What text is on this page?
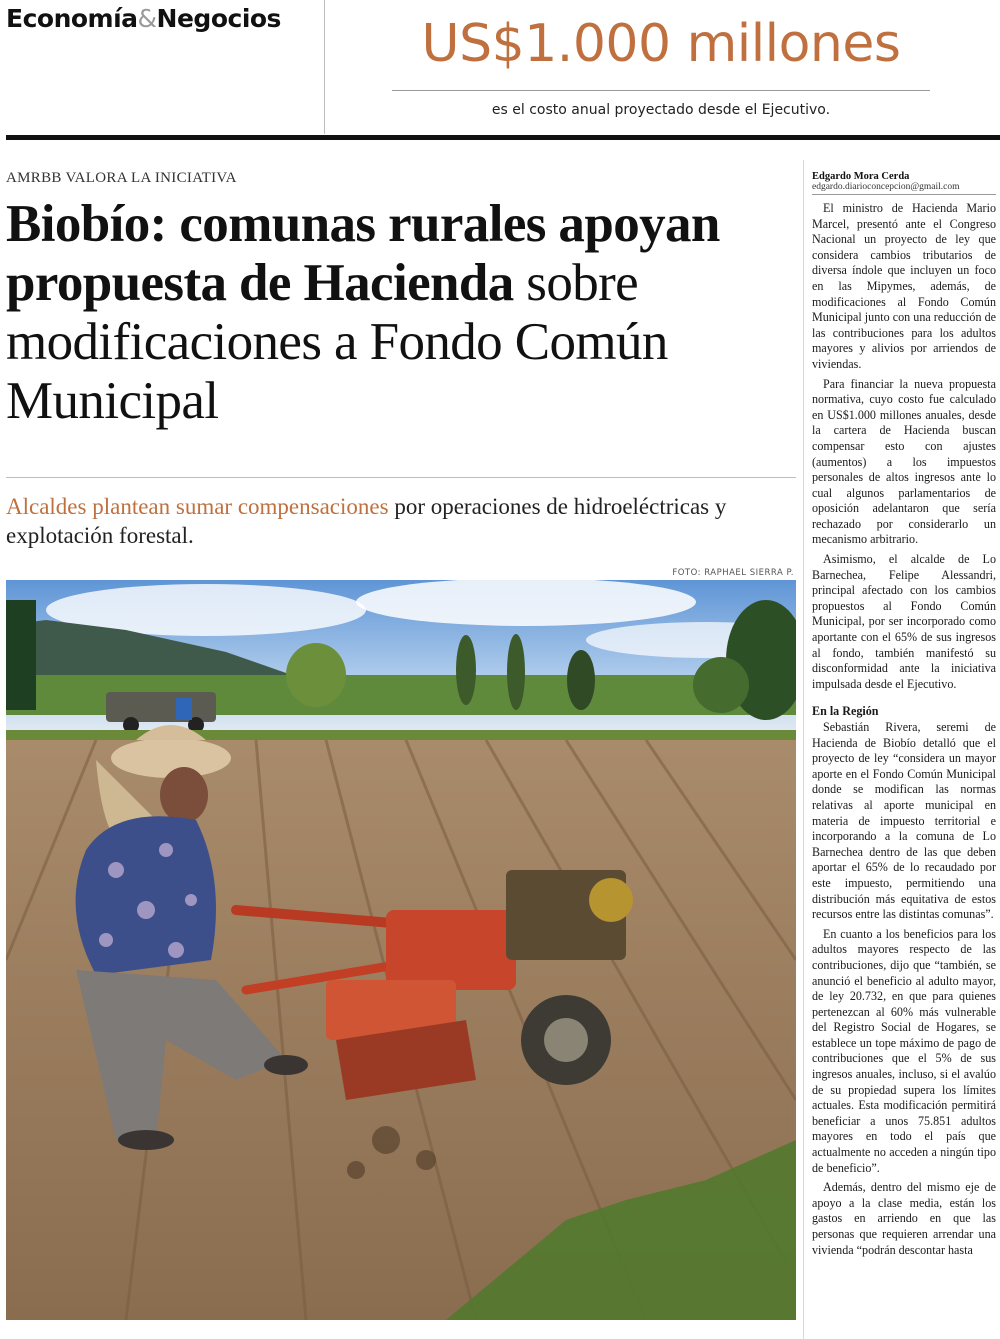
Economía&Negocios	US$1.000 millones
es el costo anual proyectado desde el Ejecutivo.
AMRBB VALORA LA INICIATIVA
Biobío: comunas rurales apoyan propuesta de Hacienda sobre modificaciones a Fondo Común Municipal
Alcaldes plantean sumar compensaciones por operaciones de hidroeléctricas y explotación forestal.
FOTO: RAPHAEL SIERRA P.
Edgardo Mora Cerda
edgardo.diarioconcepcion@gmail.com

El ministro de Hacienda Mario Marcel, presentó ante el Congreso Nacional un proyecto de ley que considera cambios tributarios de diversa índole que incluyen un foco en las Mipymes, además, de modificaciones al Fondo Común Municipal junto con una reducción de las contribuciones para los adultos mayores y alivios por arriendos de viviendas.

Para financiar la nueva propuesta normativa, cuyo costo fue calculado en US$1.000 millones anuales, desde la cartera de Hacienda buscan compensar esto con ajustes (aumentos) a los impuestos personales de altos ingresos ante lo cual algunos parlamentarios de oposición adelantaron que sería rechazado por considerarlo un mecanismo arbitrario.

Asimismo, el alcalde de Lo Barnechea, Felipe Alessandri, principal afectado con los cambios propuestos al Fondo Común Municipal, por ser incorporado como aportante con el 65% de sus ingresos al fondo, también manifestó su disconformidad ante la iniciativa impulsada desde el Ejecutivo.

En la Región

Sebastián Rivera, seremi de Hacienda de Biobío detalló que el proyecto de ley “considera un mayor aporte en el Fondo Común Municipal donde se modifican las normas relativas al aporte municipal en materia de impuesto territorial e incorporando a la comuna de Lo Barnechea dentro de las que deben aportar el 65% de lo recaudado por este impuesto, permitiendo una distribución más equitativa de estos recursos entre las distintas comunas”.

En cuanto a los beneficios para los adultos mayores respecto de las contribuciones, dijo que “también, se anunció el beneficio al adulto mayor, de ley 20.732, en que para quienes pertenezcan al 60% más vulnerable del Registro Social de Hogares, se establece un tope máximo de pago de contribuciones que el 5% de sus ingresos anuales, incluso, si el avalúo de su propiedad supera los límites actuales. Esta modificación permitirá beneficiar a unos 75.851 adultos mayores en todo el país que actualmente no acceden a ningún tipo de beneficio”.

Además, dentro del mismo eje de apoyo a la clase media, están los gastos en arriendo en que las personas que requieren arrendar una vivienda “podrán descontar hasta
